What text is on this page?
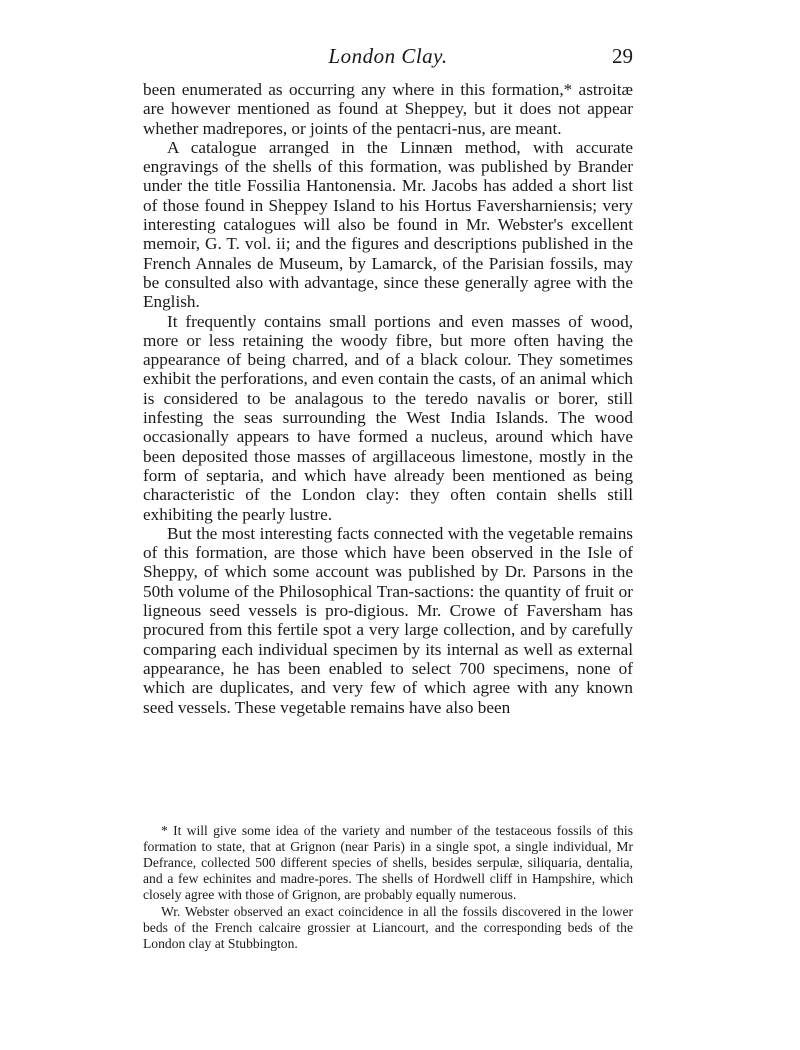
London Clay.	29

been enumerated as occurring any where in this formation,* astroitæ are however mentioned as found at Sheppey, but it does not appear whether madrepores, or joints of the pentacri-nus, are meant.

A catalogue arranged in the Linnæn method, with accurate engravings of the shells of this formation, was published by Brander under the title Fossilia Hantonensia. Mr. Jacobs has added a short list of those found in Sheppey Island to his Hortus Faversharniensis; very interesting catalogues will also be found in Mr. Webster's excellent memoir, G. T. vol. ii; and the figures and descriptions published in the French Annales de Museum, by Lamarck, of the Parisian fossils, may be consulted also with advantage, since these generally agree with the English.

It frequently contains small portions and even masses of wood, more or less retaining the woody fibre, but more often having the appearance of being charred, and of a black colour. They sometimes exhibit the perforations, and even contain the casts, of an animal which is considered to be analagous to the teredo navalis or borer, still infesting the seas surrounding the West India Islands. The wood occasionally appears to have formed a nucleus, around which have been deposited those masses of argillaceous limestone, mostly in the form of septaria, and which have already been mentioned as being characteristic of the London clay: they often contain shells still exhibiting the pearly lustre.

But the most interesting facts connected with the vegetable remains of this formation, are those which have been observed in the Isle of Sheppy, of which some account was published by Dr. Parsons in the 50th volume of the Philosophical Tran-sactions: the quantity of fruit or ligneous seed vessels is pro-digious. Mr. Crowe of Faversham has procured from this fertile spot a very large collection, and by carefully comparing each individual specimen by its internal as well as external appearance, he has been enabled to select 700 specimens, none of which are duplicates, and very few of which agree with any known seed vessels. These vegetable remains have also been

* It will give some idea of the variety and number of the testaceous fossils of this formation to state, that at Grignon (near Paris) in a single spot, a single individual, Mr Defrance, collected 500 different species of shells, besides serpulæ, siliquaria, dentalia, and a few echinites and madre-pores. The shells of Hordwell cliff in Hampshire, which closely agree with those of Grignon, are probably equally numerous.

Wr. Webster observed an exact coincidence in all the fossils discovered in the lower beds of the French calcaire grossier at Liancourt, and the corresponding beds of the London clay at Stubbington.
